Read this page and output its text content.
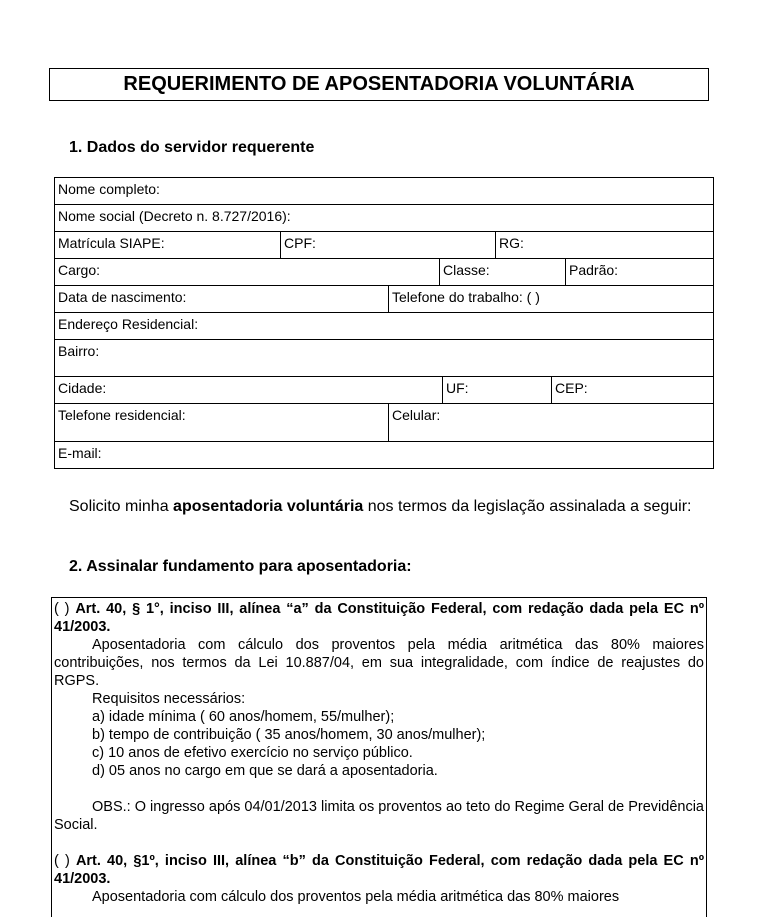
REQUERIMENTO DE APOSENTADORIA VOLUNTÁRIA
1. Dados do servidor requerente
Nome completo:
Nome social (Decreto n. 8.727/2016):
Matrícula SIAPE:	CPF:	RG:
Cargo:	Classe:	Padrão:
Data de nascimento:	Telefone do trabalho: ( )
Endereço Residencial:
Bairro:
Cidade:	UF:	CEP:
Telefone residencial:	Celular:
E-mail:
Solicito minha aposentadoria voluntária nos termos da legislação assinalada a seguir:
2. Assinalar fundamento para aposentadoria:

( ) Art. 40, § 1°, inciso III, alínea “a” da Constituição Federal, com redação dada pela EC nº 41/2003.

Aposentadoria com cálculo dos proventos pela média aritmética das 80% maiores contribuições, nos termos da Lei 10.887/04, em sua integralidade, com índice de reajustes do RGPS.

Requisitos necessários:

a) idade mínima ( 60 anos/homem, 55/mulher);

b) tempo de contribuição ( 35 anos/homem, 30 anos/mulher);

c) 10 anos de efetivo exercício no serviço público.

d) 05 anos no cargo em que se dará a aposentadoria.

OBS.: O ingresso após 04/01/2013 limita os proventos ao teto do Regime Geral de Previdência Social.

( ) Art. 40, §1º, inciso III, alínea “b” da Constituição Federal, com redação dada pela EC nº 41/2003.

Aposentadoria com cálculo dos proventos pela média aritmética das 80% maiores
